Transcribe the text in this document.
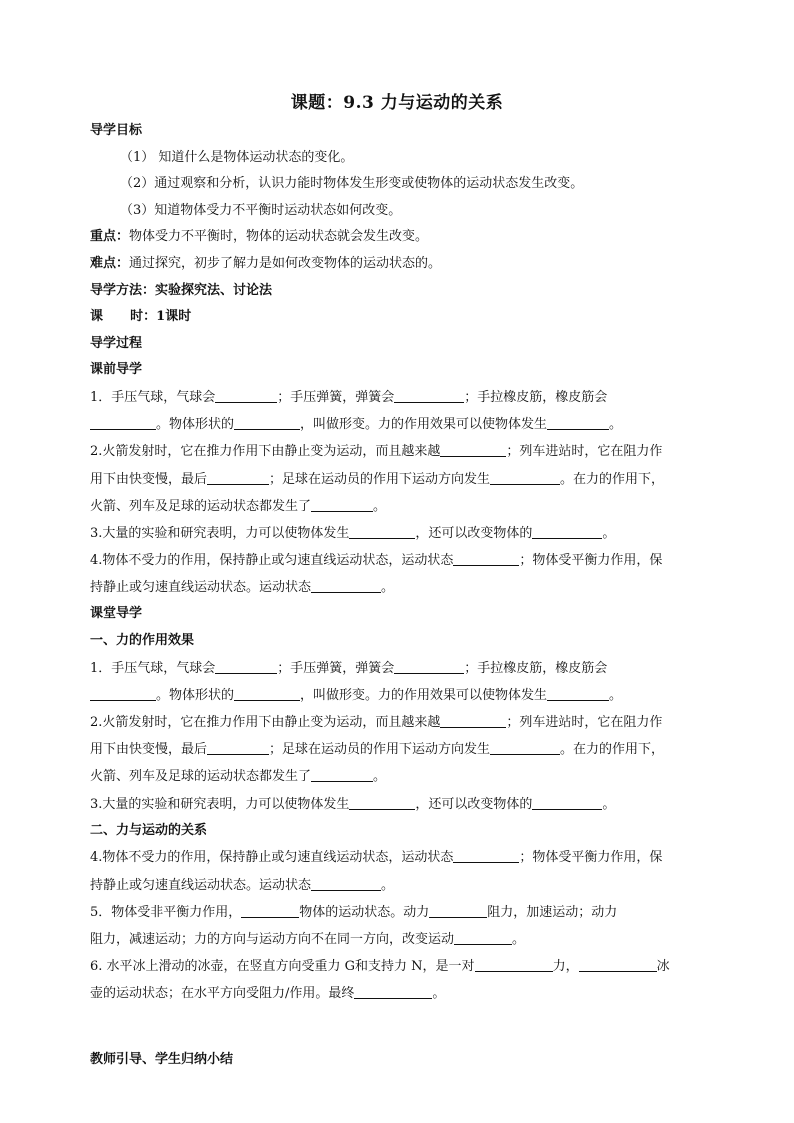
课题：9.3 力与运动的关系
导学目标
（1） 知道什么是物体运动状态的变化。
（2）通过观察和分析，认识力能时物体发生形变或使物体的运动状态发生改变。
（3）知道物体受力不平衡时运动状态如何改变。
重点：物体受力不平衡时，物体的运动状态就会发生改变。
难点：通过探究，初步了解力是如何改变物体的运动状态的。
导学方法：实验探究法、讨论法
课      时：1课时
导学过程
课前导学
1．手压气球，气球会	；手压弹簧，弹簧会	；手拉橡皮筋，橡皮筋会
。物体形状的	，叫做形变。力的作用效果可以使物体发生	。
2.火箭发射时，它在推力作用下由静止变为运动，而且越来越	；列车进站时，它在阻力作
用下由快变慢，最后	；足球在运动员的作用下运动方向发生	。在力的作用下，
火箭、列车及足球的运动状态都发生了	。
3.大量的实验和研究表明，力可以使物体发生	，还可以改变物体的	。
4.物体不受力的作用，保持静止或匀速直线运动状态，运动状态	；物体受平衡力作用，保
持静止或匀速直线运动状态。运动状态	。
课堂导学
一、力的作用效果
1．手压气球，气球会	；手压弹簧，弹簧会	；手拉橡皮筋，橡皮筋会
。物体形状的	，叫做形变。力的作用效果可以使物体发生	。
2.火箭发射时，它在推力作用下由静止变为运动，而且越来越	；列车进站时，它在阻力作
用下由快变慢，最后	；足球在运动员的作用下运动方向发生	。在力的作用下，
火箭、列车及足球的运动状态都发生了	。
3.大量的实验和研究表明，力可以使物体发生	，还可以改变物体的	。
二、力与运动的关系
4.物体不受力的作用，保持静止或匀速直线运动状态，运动状态	；物体受平衡力作用，保
持静止或匀速直线运动状态。运动状态	。
5．物体受非平衡力作用，	物体的运动状态。动力	阻力，加速运动；动力
阻力，减速运动；力的方向与运动方向不在同一方向，改变运动	。
6. 水平冰上滑动的冰壶，在竖直方向受重力 G和支持力 N，是一对	力，	冰
壶的运动状态；在水平方向受阻力/作用。最终	。
教师引导、学生归纳小结
